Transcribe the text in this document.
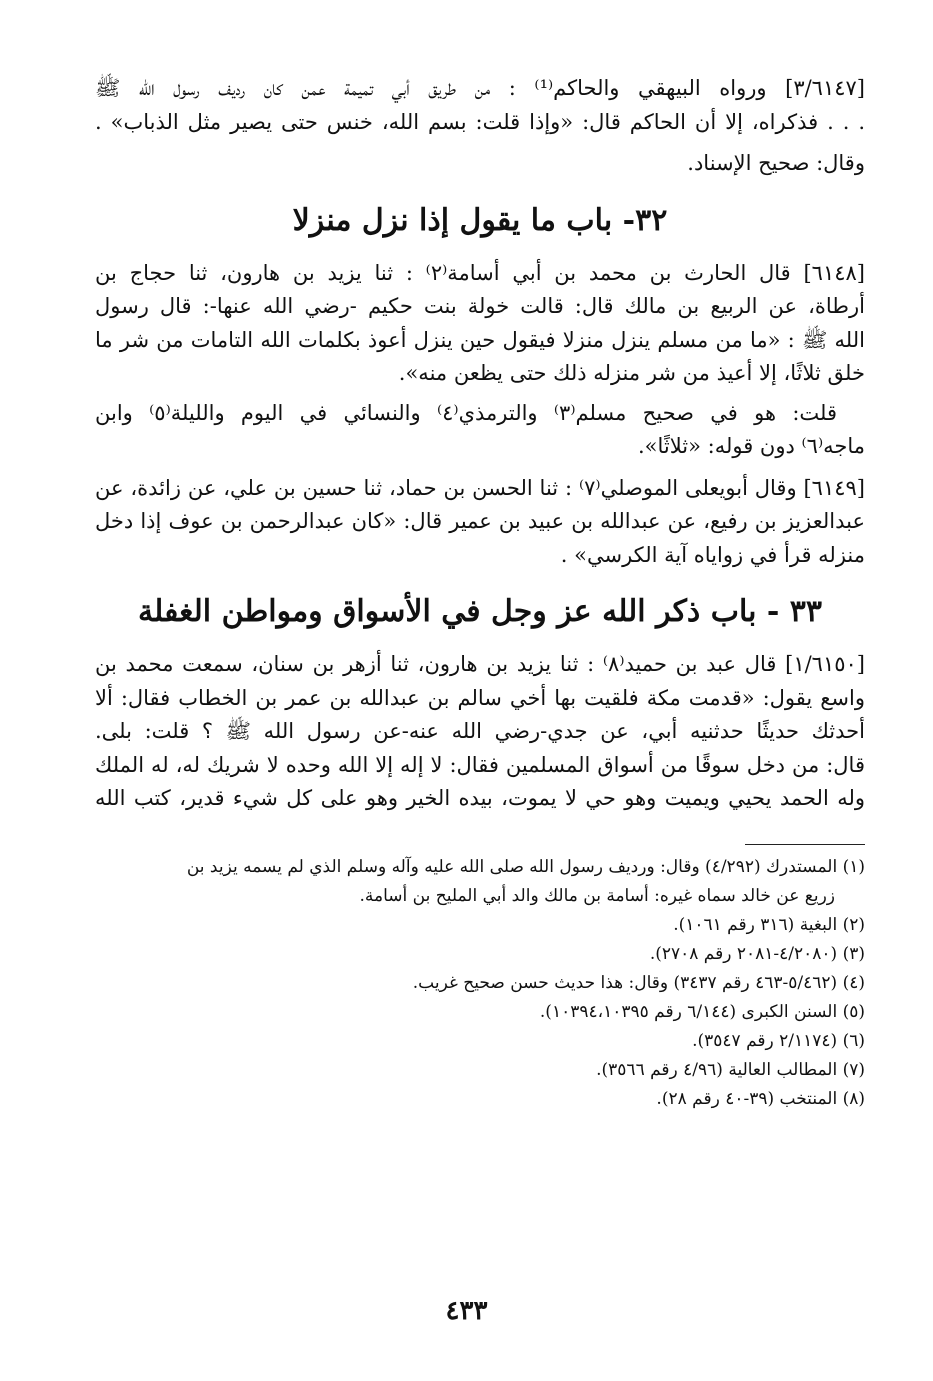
[٣/٦١٤٧] ورواه البيهقي والحاكم⁽¹⁾ : من طريق أبي تميمة عمن كان رديف رسول الله ﷺ
. . . فذكراه، إلا أن الحاكم قال: «وإذا قلت: بسم الله، خنس حتى يصير مثل الذباب» .
وقال: صحيح الإسناد.
٣٢- باب ما يقول إذا نزل منزلا
[٦١٤٨] قال الحارث بن محمد بن أبي أسامة⁽٢⁾ : ثنا يزيد بن هارون، ثنا حجاج بن
أرطاة، عن الربيع بن مالك قال: قالت خولة بنت حكيم -رضي الله عنها-: قال رسول
الله ﷺ : «ما من مسلم ينزل منزلا فيقول حين ينزل أعوذ بكلمات الله التامات من شر ما
خلق ثلاثًا، إلا أعيذ من شر منزله ذلك حتى يظعن منه».
قلت: هو في صحيح مسلم⁽٣⁾ والترمذي⁽٤⁾ والنسائي في اليوم والليلة⁽٥⁾ وابن
ماجه⁽٦⁾ دون قوله: «ثلاثًا».
[٦١٤٩] وقال أبويعلى الموصلي⁽٧⁾ : ثنا الحسن بن حماد، ثنا حسين بن علي، عن زائدة، عن
عبدالعزيز بن رفيع، عن عبدالله بن عبيد بن عمير قال: «كان عبدالرحمن بن عوف إذا دخل
منزله قرأ في زواياه آية الكرسي» .
٣٣ - باب ذكر الله عز وجل في الأسواق ومواطن الغفلة
[١/٦١٥٠] قال عبد بن حميد⁽٨⁾ : ثنا يزيد بن هارون، ثنا أزهر بن سنان، سمعت محمد بن
واسع يقول: «قدمت مكة فلقيت بها أخي سالم بن عبدالله بن عمر بن الخطاب فقال: ألا
أحدثك حديثًا حدثنيه أبي، عن جدي-رضي الله عنه-عن رسول الله ﷺ ؟ قلت: بلى.
قال: من دخل سوقًا من أسواق المسلمين فقال: لا إله إلا الله وحده لا شريك له، له الملك
وله الحمد يحيي ويميت وهو حي لا يموت، بيده الخير وهو على كل شيء قدير، كتب الله
(١) المستدرك (٤/٢٩٢) وقال: ورديف رسول الله صلى الله عليه وآله وسلم الذي لم يسمه يزيد بن
زريع عن خالد سماه غيره: أسامة بن مالك والد أبي المليح بن أسامة.
(٢) البغية (٣١٦ رقم ١٠٦١).
(٣) (٤/٢٠٨٠-٢٠٨١ رقم ٢٧٠٨).
(٤) (٥/٤٦٢-٤٦٣ رقم ٣٤٣٧) وقال: هذا حديث حسن صحيح غريب.
(٥) السنن الكبرى (٦/١٤٤ رقم ١٠٣٩٤،١٠٣٩٥).
(٦) (٢/١١٧٤ رقم ٣٥٤٧).
(٧) المطالب العالية (٤/٩٦ رقم ٣٥٦٦).
(٨) المنتخب (٣٩-٤٠ رقم ٢٨).
٤٣٣
